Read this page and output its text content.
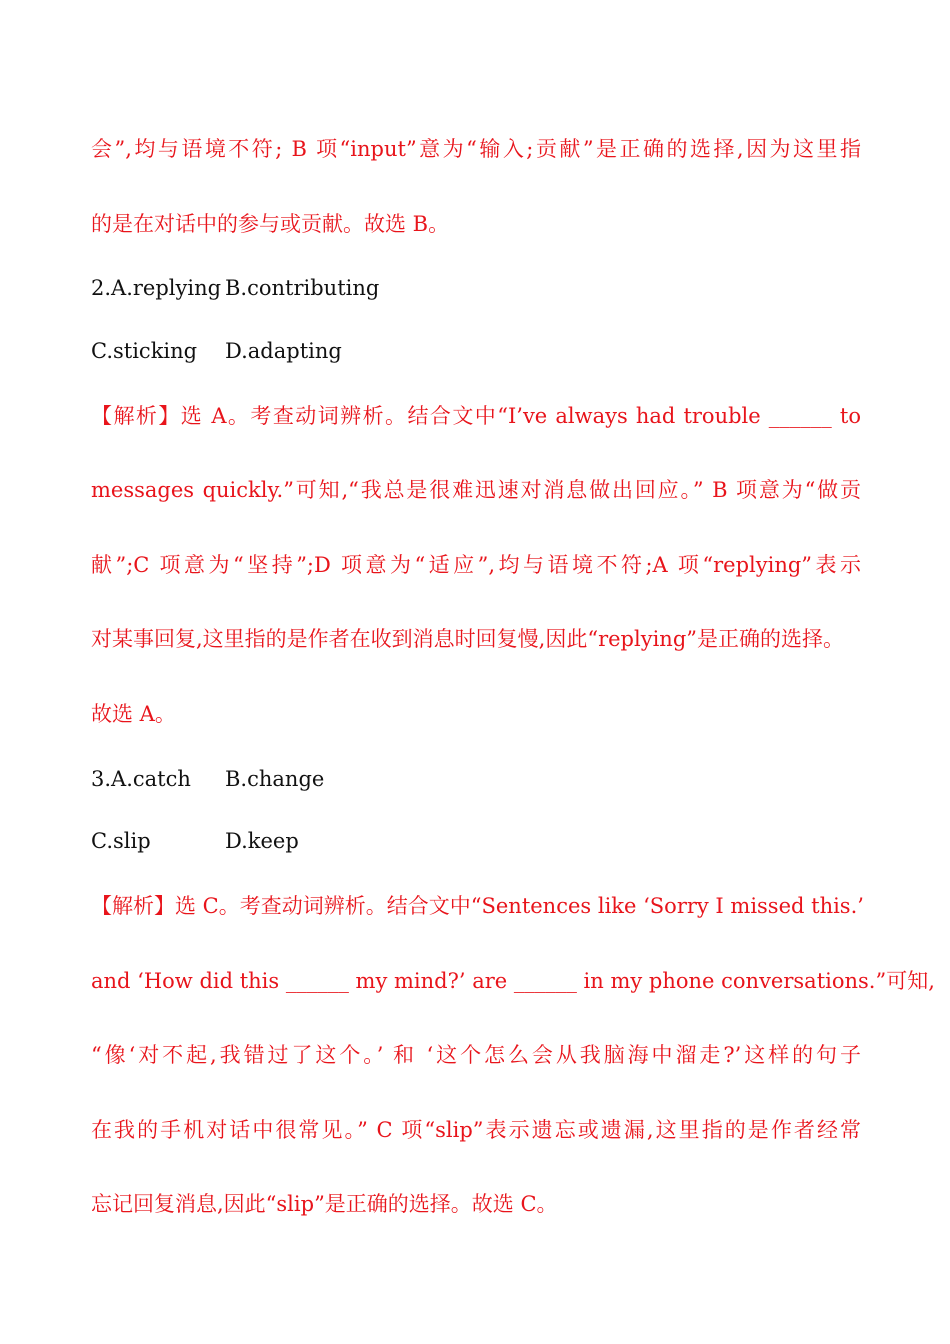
会”,均与语境不符; B 项“input”意为“输入;贡献”是正确的选择,因为这里指
的是在对话中的参与或贡献。故选 B。
2.A.replying B.contributing
C.sticking D.adapting
【解析】选 A。考查动词辨析。结合文中“I’ve always had trouble ______ to
messages quickly.”可知,“我总是很难迅速对消息做出回应。” B 项意为“做贡
献”;C 项意为“坚持”;D 项意为“适应”,均与语境不符;A 项“replying”表示
对某事回复,这里指的是作者在收到消息时回复慢,因此“replying”是正确的选择。
故选 A。
3.A.catch B.change
C.slip	D.keep
【解析】选 C。考查动词辨析。结合文中“Sentences like ‘Sorry I missed this.’
and ‘How did this ______ my mind?’ are ______ in my phone conversations.”可知,
“像‘对不起,我错过了这个。’ 和 ‘这个怎么会从我脑海中溜走?’这样的句子
在我的手机对话中很常见。” C 项“slip”表示遗忘或遗漏,这里指的是作者经常
忘记回复消息,因此“slip”是正确的选择。故选 C。
